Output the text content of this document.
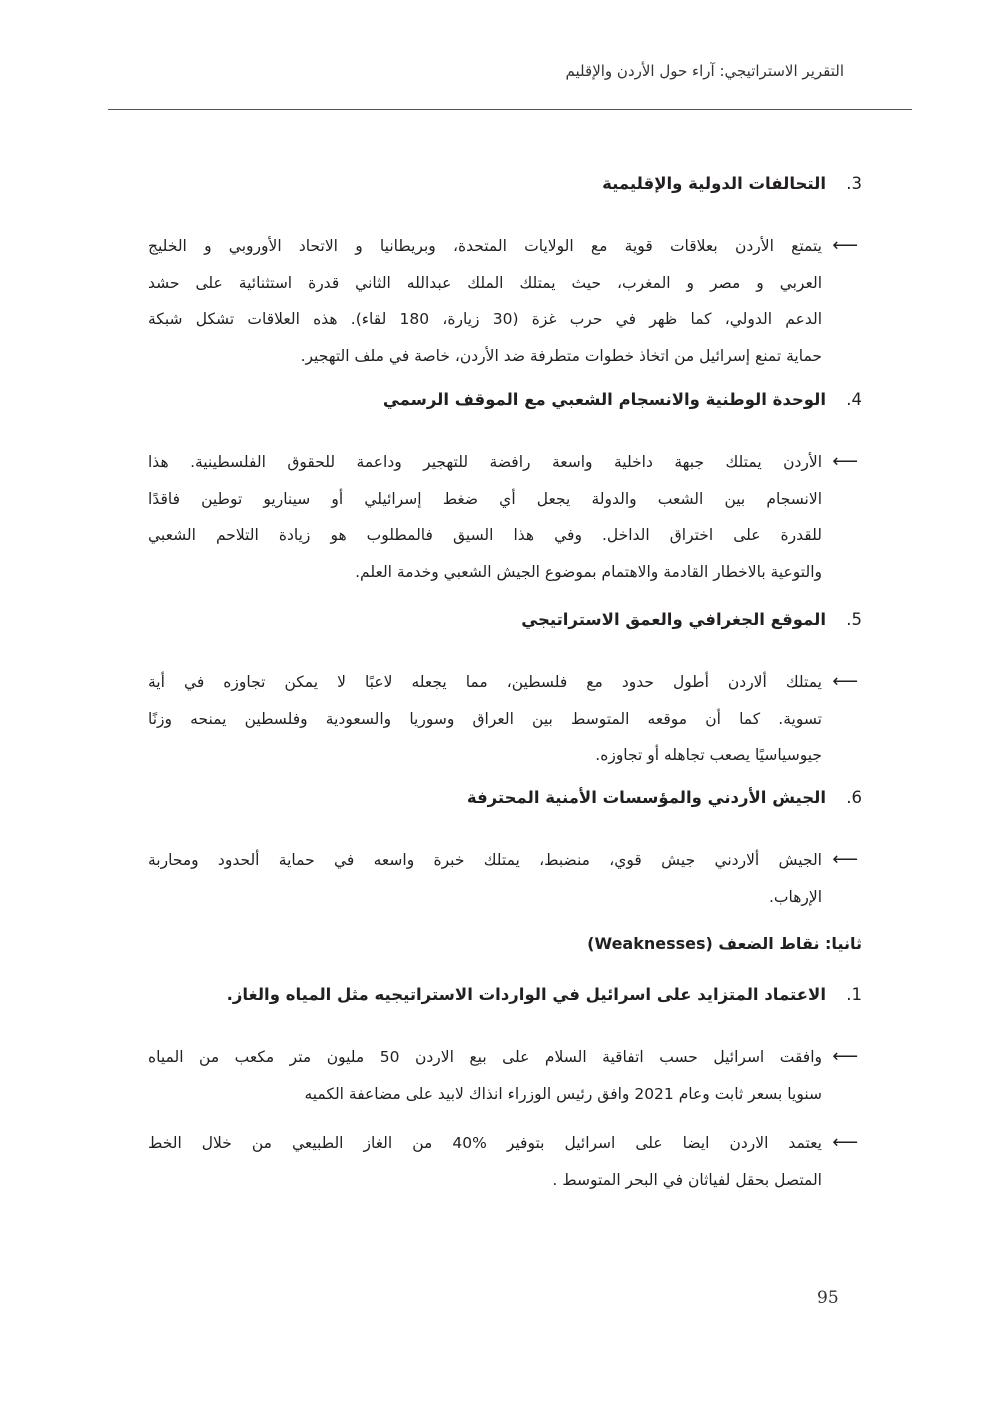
التقرير الاستراتيجي: آراء حول الأردن والإقليم
3.التحالفات الدولية والإقليمية
⟵
يتمتع الأردن بعلاقات قوية مع الولايات المتحدة، وبريطانيا و الاتحاد الأوروبي و الخليج
العربي و مصر و المغرب، حيث يمتلك الملك عبدالله الثاني قدرة استثنائية على حشد
الدعم الدولي، كما ظهر في حرب غزة (30 زيارة، 180 لقاء). هذه العلاقات تشكل شبكة
حماية تمنع إسرائيل من اتخاذ خطوات متطرفة ضد الأردن، خاصة في ملف التهجير.
4.الوحدة الوطنية والانسجام الشعبي مع الموقف الرسمي
⟵
الأردن يمتلك جبهة داخلية واسعة رافضة للتهجير وداعمة للحقوق الفلسطينية. هذا
الانسجام بين الشعب والدولة يجعل أي ضغط إسرائيلي أو سيناريو توطين فاقدًا
للقدرة على اختراق الداخل. وفي هذا السيق فالمطلوب هو زيادة التلاحم الشعبي
والتوعية بالاخطار القادمة والاهتمام بموضوع الجيش الشعبي وخدمة العلم.
5.الموقع الجغرافي والعمق الاستراتيجي
⟵
يمتلك ألاردن أطول حدود مع فلسطين، مما يجعله لاعبًا لا يمكن تجاوزه في أية
تسوية. كما أن موقعه المتوسط بين العراق وسوريا والسعودية وفلسطين يمنحه وزنًا
جيوسياسيًا يصعب تجاهله أو تجاوزه.
6.الجيش الأردني والمؤسسات الأمنية المحترفة
⟵
الجيش ألاردني جيش قوي، منضبط، يمتلك خبرة واسعه في حماية ألحدود ومحاربة
الإرهاب.
ثانيا: نقاط الضعف (Weaknesses)
1.الاعتماد المتزايد على اسرائيل في الواردات الاستراتيجيه مثل المياه والغاز.
⟵
وافقت اسرائيل حسب اتفاقية السلام على بيع الاردن 50 مليون متر مكعب من المياه
سنويا بسعر ثابت وعام 2021 وافق رئيس الوزراء انذاك لابيد على مضاعفة الكميه
⟵
يعتمد الاردن ايضا على اسرائيل بتوفير %40 من الغاز الطبيعي من خلال الخط
المتصل بحقل لفياثان في البحر المتوسط .
95
